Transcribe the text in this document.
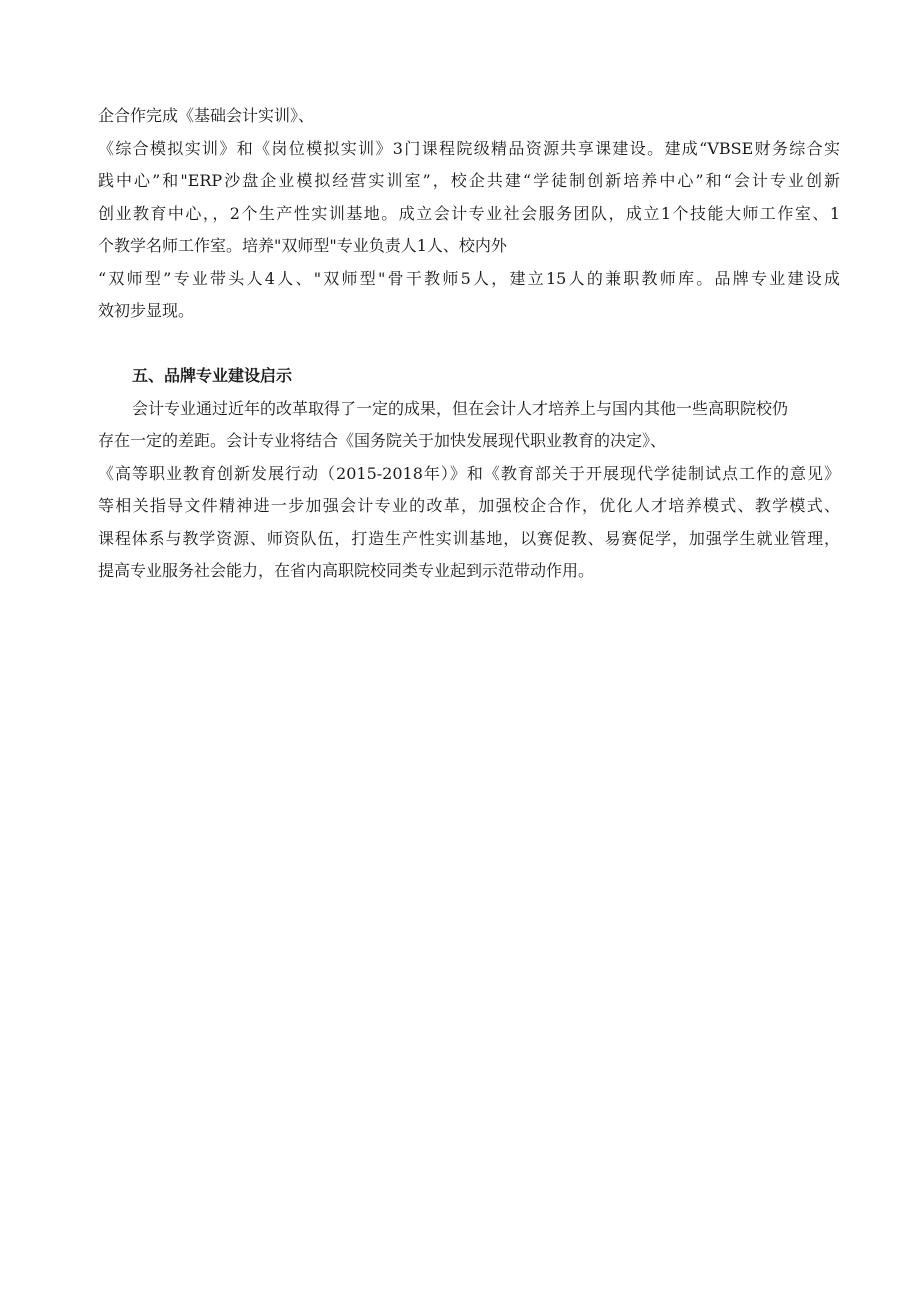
企合作完成《基础会计实训》、
《综合模拟实训》和《岗位模拟实训》3门课程院级精品资源共享课建设。建成“VBSE财务综合实
践中心”和"ERP沙盘企业模拟经营实训室”，校企共建“学徒制创新培养中心”和“会计专业创新
创业教育中心，，2个生产性实训基地。成立会计专业社会服务团队，成立1个技能大师工作室、1
个教学名师工作室。培养"双师型"专业负责人1人、校内外
“双师型”专业带头人4人、"双师型"骨干教师5人，建立15人的兼职教师库。品牌专业建设成
效初步显现。
五、品牌专业建设启示
会计专业通过近年的改革取得了一定的成果，但在会计人才培养上与国内其他一些高职院校仍
存在一定的差距。会计专业将结合《国务院关于加快发展现代职业教育的决定》、
《高等职业教育创新发展行动（2015-2018年）》和《教育部关于开展现代学徒制试点工作的意见》
等相关指导文件精神进一步加强会计专业的改革，加强校企合作，优化人才培养模式、教学模式、
课程体系与教学资源、师资队伍，打造生产性实训基地，以赛促教、易赛促学，加强学生就业管理，
提高专业服务社会能力，在省内高职院校同类专业起到示范带动作用。
